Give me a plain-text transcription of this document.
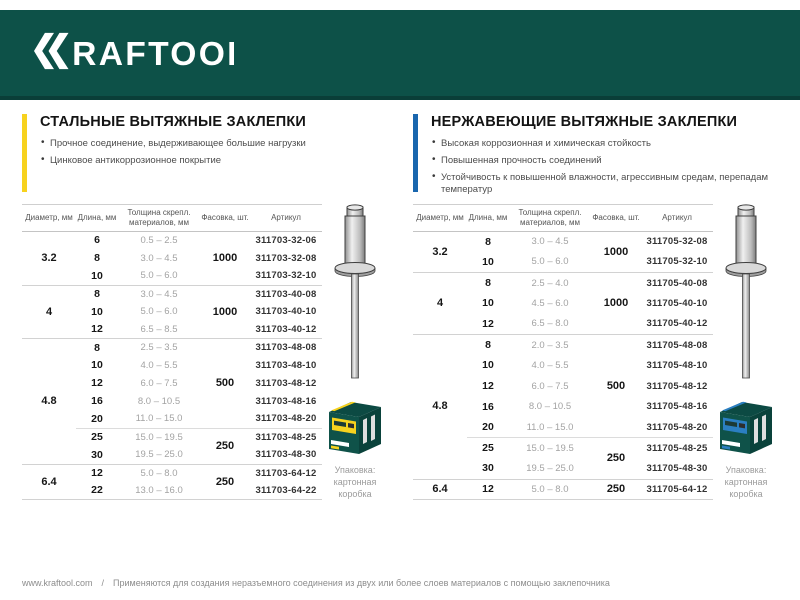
RAFTOOL
СТАЛЬНЫЕ ВЫТЯЖНЫЕ ЗАКЛЕПКИ
• Прочное соединение, выдерживающее большие нагрузки
• Цинковое антикоррозионное покрытие
Диаметр, мм	Длина, мм	Толщина скрепл. материалов, мм	Фасовка, шт.	Артикул
3.2	6	0.5 – 2.5	1000	311703-32-06
	8	3.0 – 4.5		311703-32-08
	10	5.0 – 6.0		311703-32-10
4	8	3.0 – 4.5	1000	311703-40-08
	10	5.0 – 6.0		311703-40-10
	12	6.5 – 8.5		311703-40-12
4.8	8	2.5 – 3.5	500	311703-48-08
	10	4.0 – 5.5		311703-48-10
	12	6.0 – 7.5		311703-48-12
	16	8.0 – 10.5		311703-48-16
	20	11.0 – 15.0		311703-48-20
	25	15.0 – 19.5	250	311703-48-25
	30	19.5 – 25.0		311703-48-30
6.4	12	5.0 – 8.0	250	311703-64-12
	22	13.0 – 16.0		311703-64-22
Упаковка:
картонная коробка
НЕРЖАВЕЮЩИЕ ВЫТЯЖНЫЕ ЗАКЛЕПКИ
• Высокая коррозионная и химическая стойкость
• Повышенная прочность соединений
• Устойчивость к повышенной влажности, агрессивным средам, перепадам температур
Диаметр, мм	Длина, мм	Толщина скрепл. материалов, мм	Фасовка, шт.	Артикул
3.2	8	3.0 – 4.5	1000	311705-32-08
	10	5.0 – 6.0		311705-32-10
4	8	2.5 – 4.0	1000	311705-40-08
	10	4.5 – 6.0		311705-40-10
	12	6.5 – 8.0		311705-40-12
4.8	8	2.0 – 3.5	500	311705-48-08
	10	4.0 – 5.5		311705-48-10
	12	6.0 – 7.5		311705-48-12
	16	8.0 – 10.5		311705-48-16
	20	11.0 – 15.0		311705-48-20
	25	15.0 – 19.5	250	311705-48-25
	30	19.5 – 25.0		311705-48-30
6.4	12	5.0 – 8.0	250	311705-64-12
Упаковка:
картонная коробка
www.kraftool.com / Применяются для создания неразъемного соединения из двух или более слоев материалов с помощью заклепочника
